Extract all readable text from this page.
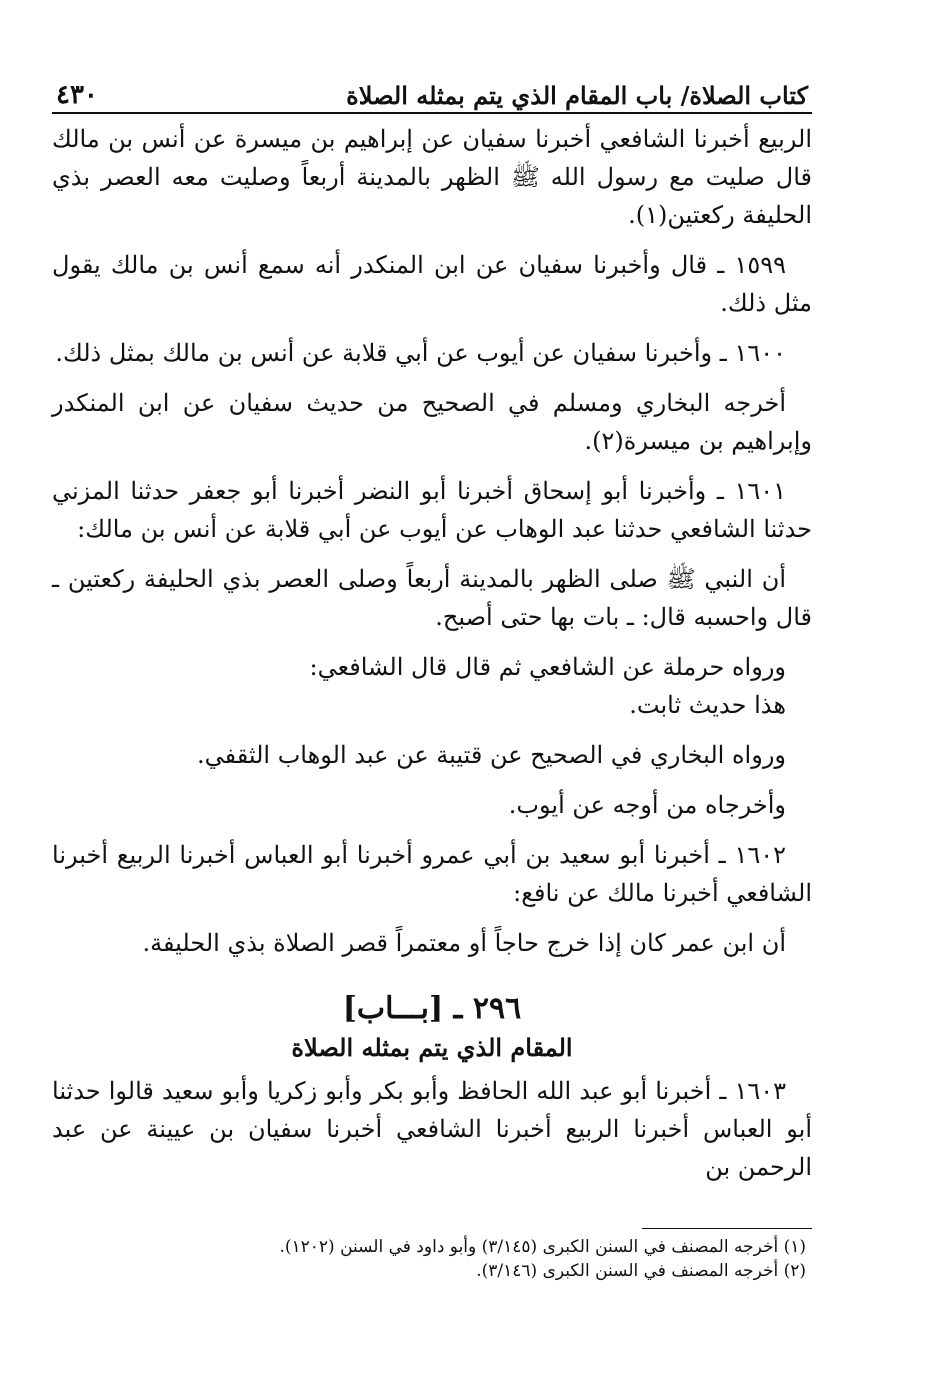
كتاب الصلاة/ باب المقام الذي يتم بمثله الصلاة
٤٣٠

الربيع أخبرنا الشافعي أخبرنا سفيان عن إبراهيم بن ميسرة عن أنس بن مالك قال صليت مع رسول الله ﷺ الظهر بالمدينة أربعاً وصليت معه العصر بذي الحليفة ركعتين(١).

١٥٩٩ ـ قال وأخبرنا سفيان عن ابن المنكدر أنه سمع أنس بن مالك يقول مثل ذلك.

١٦٠٠ ـ وأخبرنا سفيان عن أيوب عن أبي قلابة عن أنس بن مالك بمثل ذلك.

أخرجه البخاري ومسلم في الصحيح من حديث سفيان عن ابن المنكدر وإبراهيم بن ميسرة(٢).

١٦٠١ ـ وأخبرنا أبو إسحاق أخبرنا أبو النضر أخبرنا أبو جعفر حدثنا المزني حدثنا الشافعي حدثنا عبد الوهاب عن أيوب عن أبي قلابة عن أنس بن مالك:

أن النبي ﷺ صلى الظهر بالمدينة أربعاً وصلى العصر بذي الحليفة ركعتين ـ قال واحسبه قال: ـ بات بها حتى أصبح.

ورواه حرملة عن الشافعي ثم قال قال الشافعي:

هذا حديث ثابت.

ورواه البخاري في الصحيح عن قتيبة عن عبد الوهاب الثقفي.

وأخرجاه من أوجه عن أيوب.

١٦٠٢ ـ أخبرنا أبو سعيد بن أبي عمرو أخبرنا أبو العباس أخبرنا الربيع أخبرنا الشافعي أخبرنا مالك عن نافع:

أن ابن عمر كان إذا خرج حاجاً أو معتمراً قصر الصلاة بذي الحليفة.

٢٩٦ ـ [بـــاب]
المقام الذي يتم بمثله الصلاة

١٦٠٣ ـ أخبرنا أبو عبد الله الحافظ وأبو بكر وأبو زكريا وأبو سعيد قالوا حدثنا أبو العباس أخبرنا الربيع أخبرنا الشافعي أخبرنا سفيان بن عيينة عن عبد الرحمن بن

(١) أخرجه المصنف في السنن الكبرى (٣/١٤٥) وأبو داود في السنن (١٢٠٢).
(٢) أخرجه المصنف في السنن الكبرى (٣/١٤٦).
